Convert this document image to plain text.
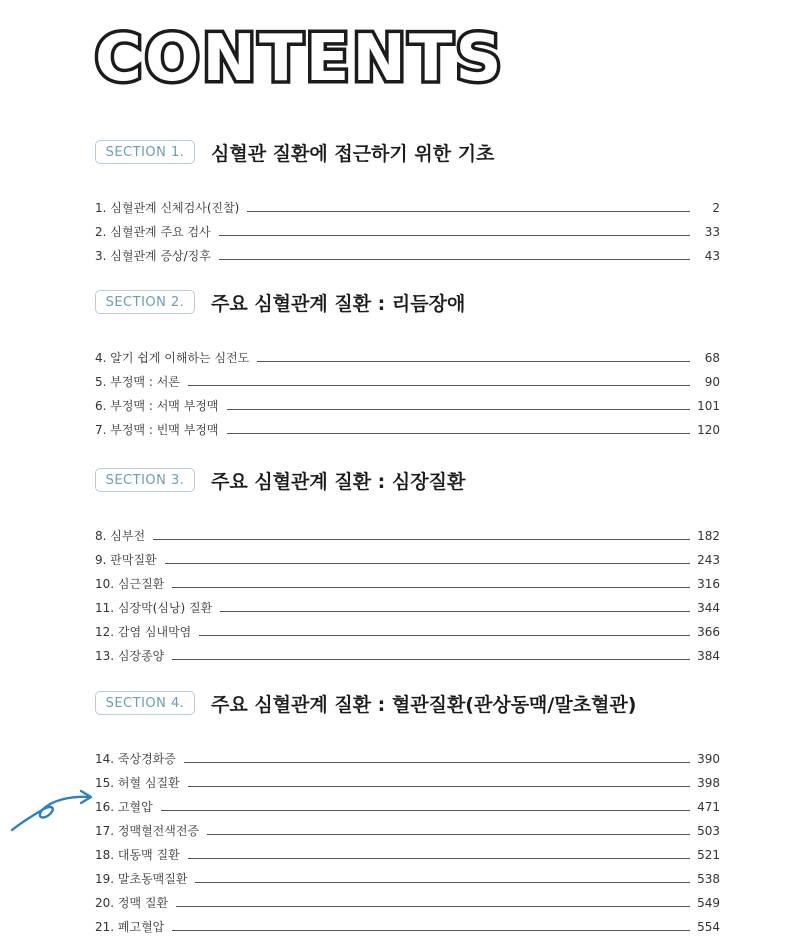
CONTENTS
SECTION 1.	심혈관 질환에 접근하기 위한 기초
1. 심혈관계 신체검사(진찰)	2
2. 심혈관계 주요 검사	33
3. 심혈관계 증상/징후	43
SECTION 2.	주요 심혈관계 질환 : 리듬장애
4. 알기 쉽게 이해하는 심전도	68
5. 부정맥 : 서론	90
6. 부정맥 : 서맥 부정맥	101
7. 부정맥 : 빈맥 부정맥	120
SECTION 3.	주요 심혈관계 질환 : 심장질환
8. 심부전	182
9. 판막질환	243
10. 심근질환	316
11. 심장막(심낭) 질환	344
12. 감염 심내막염	366
13. 심장종양	384
SECTION 4.	주요 심혈관계 질환 : 혈관질환(관상동맥/말초혈관)
14. 죽상경화증	390
15. 허혈 심질환	398
16. 고혈압	471
17. 정맥혈전색전증	503
18. 대동맥 질환	521
19. 말초동맥질환	538
20. 정맥 질환	549
21. 폐고혈압	554
